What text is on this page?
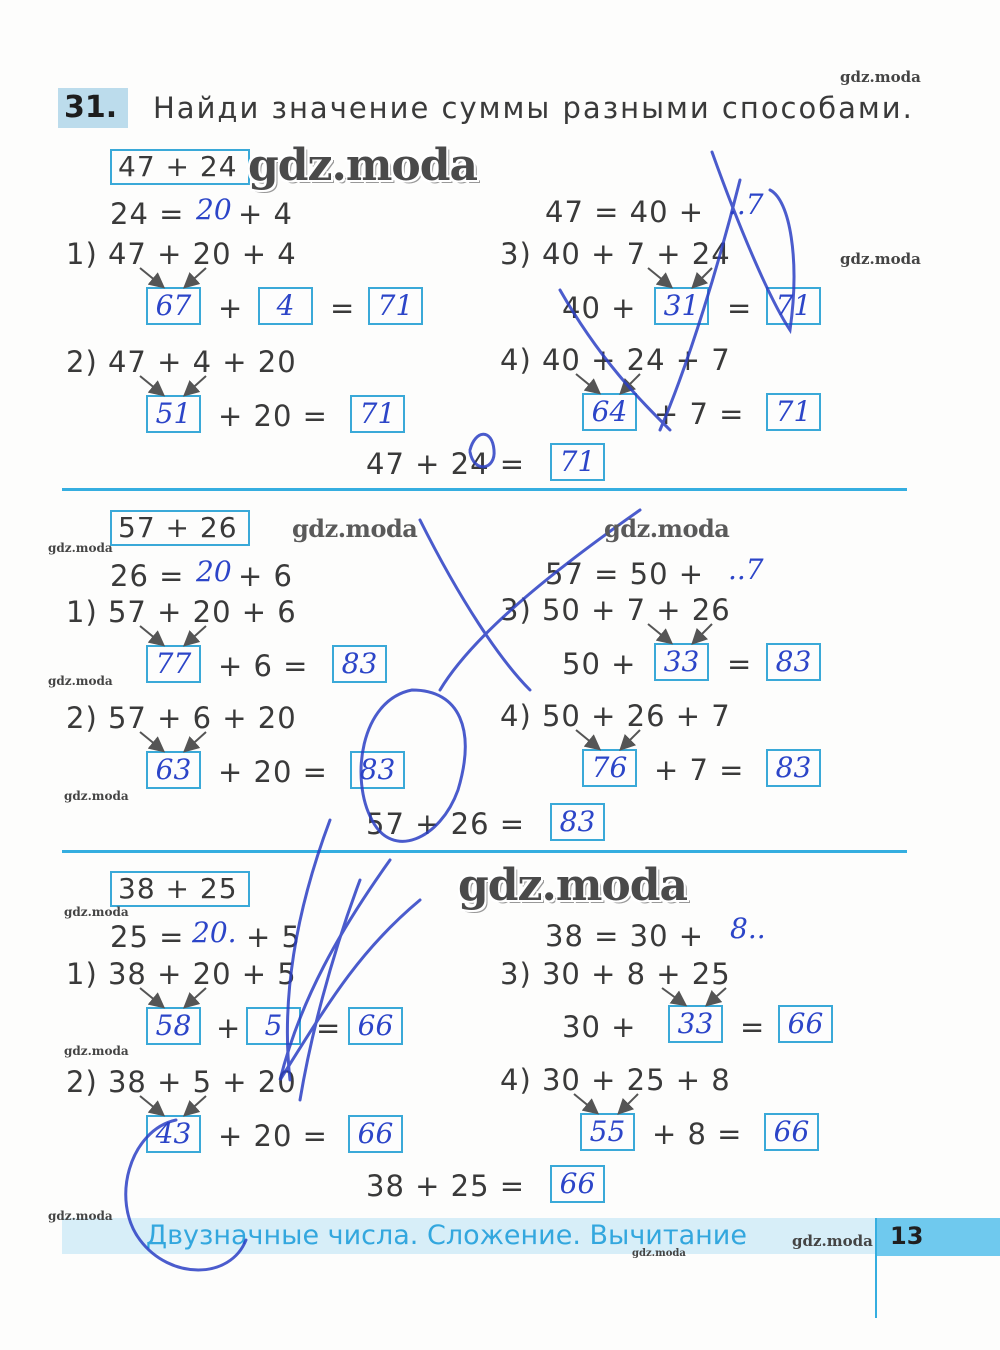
31.	Найди значение суммы разными способами.
47 + 24
24 = 20 + 4	47 = 40 + ..7
1) 47 + 20 + 4
67 + 4 = 71
2) 47 + 4 + 20
51 + 20 = 71
3) 40 + 7 + 24
40 + 31 = 71
4) 40 + 24 + 7
64 + 7 = 71
47 + 24 = 71
57 + 26
26 = 20 + 6	57 = 50 + ..7
1) 57 + 20 + 6
77 + 6 = 83
2) 57 + 6 + 20
63 + 20 = 83
3) 50 + 7 + 26
50 + 33 = 83
4) 50 + 26 + 7
76 + 7 = 83
57 + 26 = 83
38 + 25
25 = 20. + 5	38 = 30 + 8..
1) 38 + 20 + 5
58 + 5 = 66
2) 38 + 5 + 20
43 + 20 = 66
3) 30 + 8 + 25
30 + 33 = 66
4) 30 + 25 + 8
55 + 8 = 66
38 + 25 = 66
Двузначные числа. Сложение. Вычитание	13
gdz.moda
gdz.moda
gdz.moda
gdz.moda	gdz.moda
gdz.moda
gdz.moda
gdz.moda
gdz.moda
gdz.moda
gdz.moda
gdz.moda
gdz.moda
gdz.moda
